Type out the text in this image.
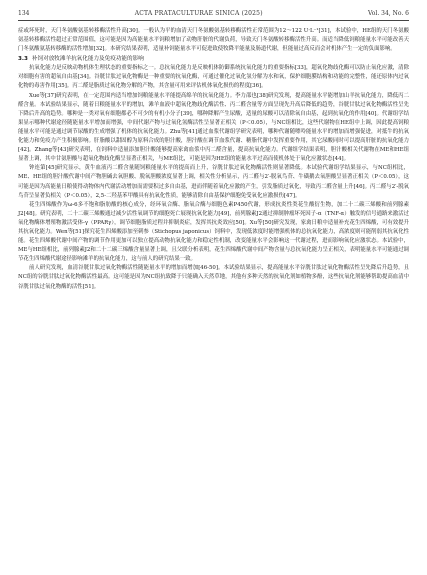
134	ACTA PRATACULTURAE SINICA (2025)	Vol. 34, No. 6

症或坏死时，天门冬氨酸氨基转移酶活性升高[30]。一般认为平的血清天门冬氨酸氨基转移酶活性正常范围为12～122 U·L⁻¹[31]，本试验中，HE组的天门冬氨酸氨基转移酶活性超过正常范围值，这可能是因为高能量水平饲粮增加了动物肝脏的代谢负荷，导致天门冬氨酸转移酶活性升高。而适当降低饲粮能量水平可能改善天门冬氨酸氨基转移酶的活性增加[32]。本研究结果表明，适量补饲能量水平可促进致使牧降平能量及肠道代谢，但能量过高反而会对机体产生一定的负面影响。

3.3 补饲对放牧滩羊抗氧化能力及免疫功能的影响

抗氧化能力是反映动物机体生理状态的重要指标之一。总抗氧化能力是反映机体防御系统抗氧化能力的重要指标[33]，超氧化物歧化酶可以防止氧化应激，清除对细胞有害的超氧自由基[34]。谷胱甘肽过氧化物酶是一种重要的抗氧化酶，可通过催化过氧化氢分解为水和氧，保护细胞膜结构和功能的完整性，能还原体内过氧化物的毒害作用[35]。丙二醛是脂质过氧化物分解的产物，其含量可用来评估机体氧化损伤的程度[36]。

Xue等[37]研究表明，在一定范围内适当增加饲粮能量水平能提高绵羊的抗氧化能力。李力邵也[38]研究发现，提高能量水平能增加山羊抗氧化能力，降低丙二醛含量。本试验结果显示，随着日粮能量水平的增加，滩羊血液中超氧化物歧化酶活性、丙二醛含量等方面呈现先升高后降低的趋势，谷胱甘肽过氧化物酶活性呈先下降后升高的趋势。哪种是一类对氧有细胞都必不可少的有机小分子[39]，哪种降解产生尿酸，适量的尿酸可以清除氧自由基，起到抗氧化的作用[40]。代谢组学结果显示哪种代谢途径随能量水平增加而增强，中间代谢产物与过氧化氢酶活性呈显著正相关（P＜0.05），与NC组相比，这些代谢物在HE组中上调，因此提高饲粮能量水平可能是通过调节尿酸的生成增强了机体的抗氧化能力。Zhu等[41]通过血浆代谢组学研究表明，哪种代谢随嘌呤能量水平的增加而增强促进，对抵牛的抗氧化能力和免疫力产生积极影响。肝脂酸以甜固醇为原料合成的胆汁酸，胆汁酸在调节血浆代谢、糖脂代谢中发挥重要作用，其它尿酸同时可以提高肝脏的抗氧化能力[42]。Zhang等[43]研究表明，在饲料中适量添加胆汁酸能够提高家禽血浆中丙二醛含量，提高抗氧化能力。代谢组学结果表明，胆汁酸相关代谢物在ME和HE组显著上调，其中甘氨胆酸与超氧化物歧化酶呈显著正相关，与ME组比，可能是因为HE组的能量水平过高而使机体处于氧化应激状态[44]。

钟连第[45]研究显示，黄牛血液丙二醛含量随饲粮能量水平的提高而上升，谷胱甘肽过氧化物酶活性则显著降低。本试验代谢组学结果显示，与NC组相比，ME、HE组的胆汁酸代谢中间产物胆碱去氧胆酸、脱氧胆酸浓度显著上调，相关性分析显示，丙二醛与2′-脱氧鸟苷、牛磺鹅去氧胆酸呈显著正相关（P＜0.05），这可能是因为高能量日粮使得动物体内代谢活动增加而需要积过多自由基，进而伴随着氧化应激的产生，引发脂质过氧化，导致丙二醛含量上升[46]。丙二醛与2′-脱氧鸟苷呈显著负相关（P＜0.05），2,5-二羟基苯甲酸具有抗氧化性质，能够清除自由基保护细胞免受氧化应激损伤[47]。

花生四烯酸作为ω-6多不饱和脂肪酸的核心成分，经环氧合酶、脂氧合酶与细胞色素P450代谢，形成抗炎性类花生酸衍生物，加二十二碳三烯酸和前列腺素J2[48]。研究表明，二十二碳三烯酸通过减少活性氧调节的细胞死亡展现抗氧化能力[49]，前列腺素J2通过抑制肿瘤坏死因子-α（TNF-α）触发的信号通路来激活过氧化物酶体增殖物激活受体-γ（PPARγ），调节细胞脂质过程并抑制炎症，发挥其抗炎效应[50]。Xu等[50]研究发现，家禽日粮中适量补充花生四烯酸，可有效提升其抗氧化能力。Wen等[51]探究花生四烯酸添加至刺参（Stichopus japonicus）饲料中，发现低浓度时能增强机体的总抗氧化能力，高浓度则可能削弱其抗氧化性能。花生四烯酸代谢中间产物的调节作用更加可以独立提高动物抗氧化能力和稳定性机制，改变能量水平会影响这一代谢过程，进而影响氧化应激状态。本试验中，ME与HE组相比，前列腺素J2和二十二碳三烯酸含量显著上调，且父联分析表明，花生四烯酸代谢中间产物含量与总抗氧化能力呈正相关，表明能量水平可能通过调节花生四烯酸代谢途径影响滩羊的抗氧化能力，这与前人的研究结果一致。

前人研究发现，血清谷胱甘肽过氧化物酶活性随能量水平的增加而增加[46-50]。本试验结果显示，提高能量水平谷胱甘肽过氧化物酶活性呈先降后升趋势，且NC组的谷胱甘肽过氧化物酶活性最高。这可能是因为NC组抗致降于只能确入天然草地，其他有多种天然的抗氧化剂如植物多酚，这些抗氧化剂能够帮助提高血清中谷胱甘肽过氧化物酶的活性[51]。
